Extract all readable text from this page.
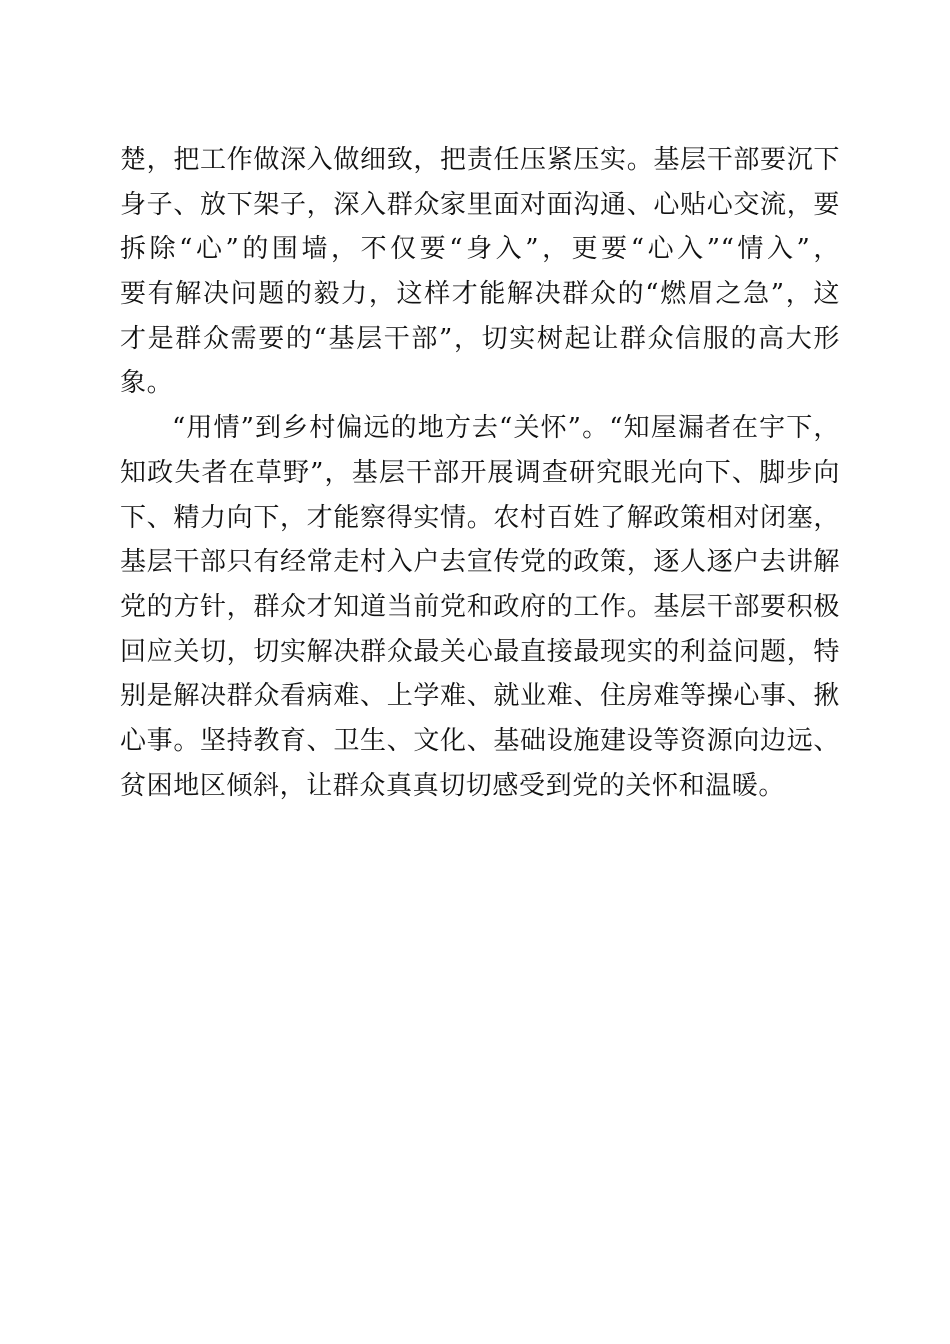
楚，把工作做深入做细致，把责任压紧压实。基层干部要沉下
身子、放下架子，深入群众家里面对面沟通、心贴心交流，要
拆除“心”的围墙，不仅要“身入”，更要“心入”“情入”，
要有解决问题的毅力，这样才能解决群众的“燃眉之急”，这
才是群众需要的“基层干部”，切实树起让群众信服的高大形
象。
“用情”到乡村偏远的地方去“关怀”。“知屋漏者在宇下，
知政失者在草野”，基层干部开展调查研究眼光向下、脚步向
下、精力向下，才能察得实情。农村百姓了解政策相对闭塞，
基层干部只有经常走村入户去宣传党的政策，逐人逐户去讲解
党的方针，群众才知道当前党和政府的工作。基层干部要积极
回应关切，切实解决群众最关心最直接最现实的利益问题，特
别是解决群众看病难、上学难、就业难、住房难等操心事、揪
心事。坚持教育、卫生、文化、基础设施建设等资源向边远、
贫困地区倾斜，让群众真真切切感受到党的关怀和温暖。
